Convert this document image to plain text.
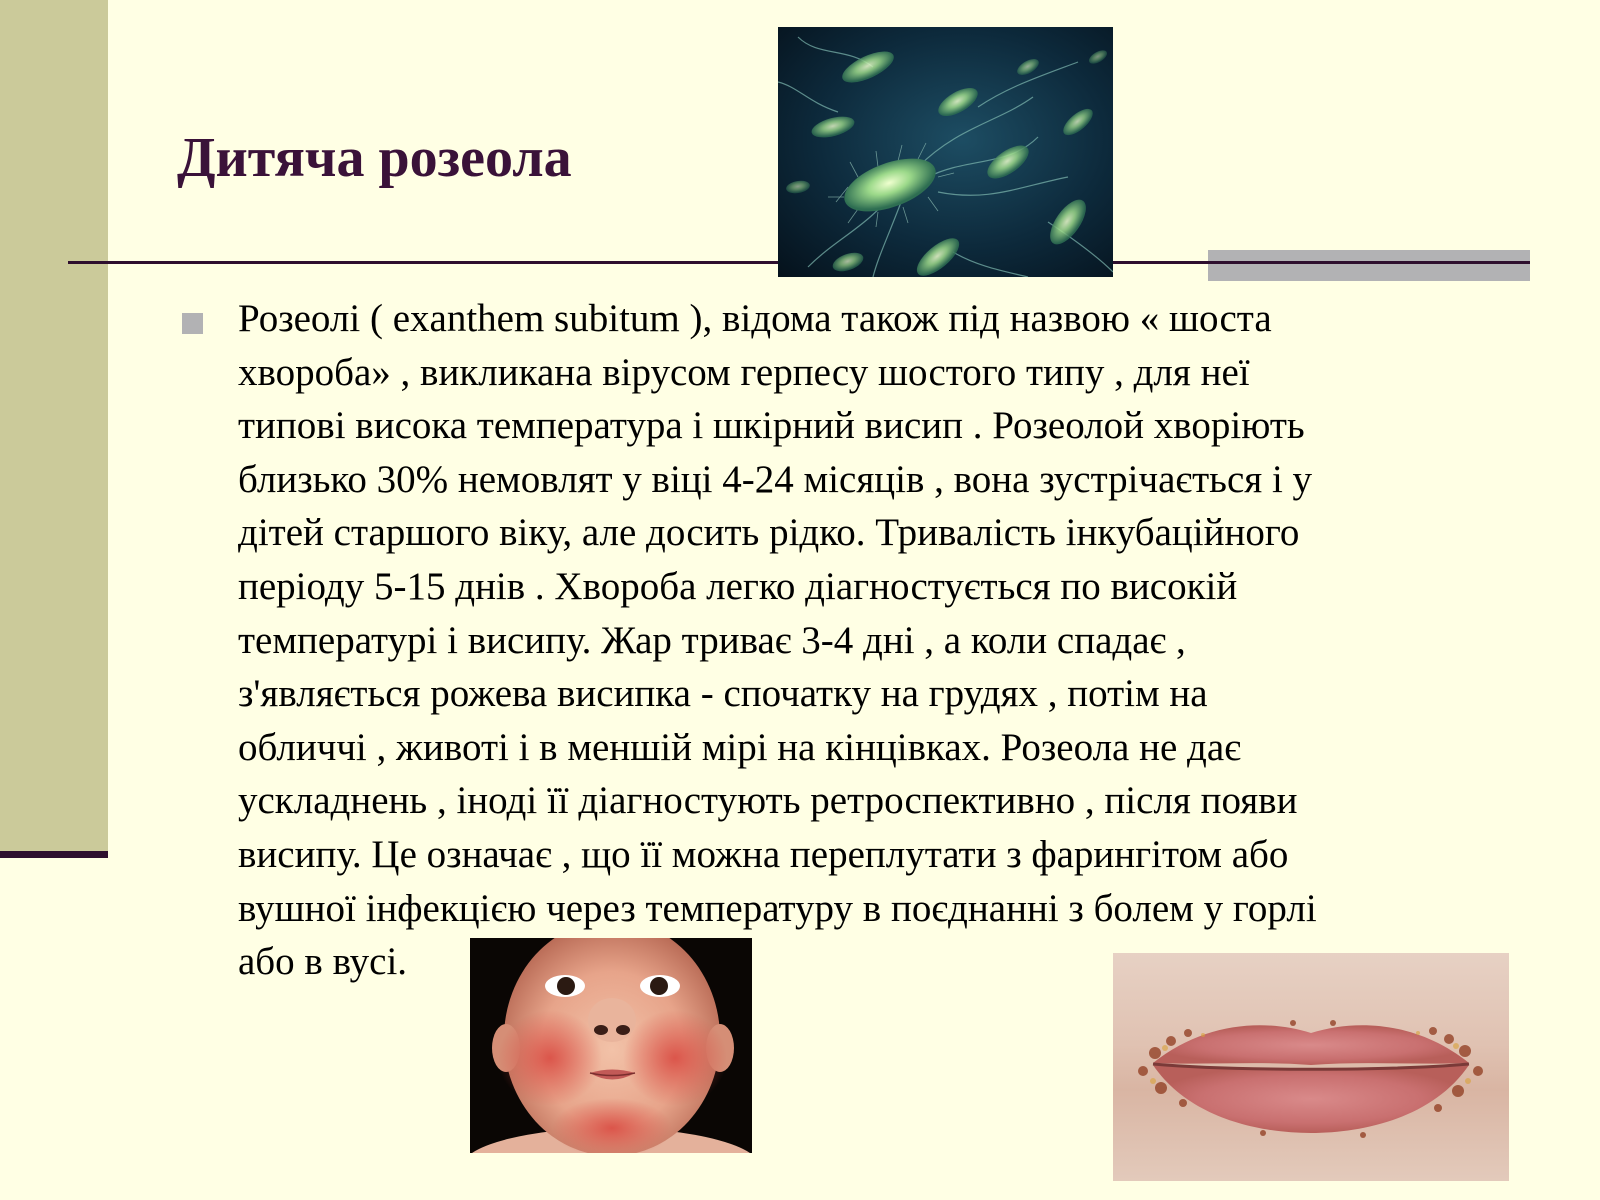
Дитяча розеола

Розеолі ( exanthem subitum ), відома також під назвою « шоста
хвороба» , викликана вірусом герпесу шостого типу , для неї
типові висока температура і шкірний висип . Розеолой хворіють
близько 30% немовлят у віці 4-24 місяців , вона зустрічається і у
дітей старшого віку, але досить рідко. Тривалість інкубаційного
періоду 5-15 днів . Хвороба легко діагностується по високій
температурі і висипу. Жар триває 3-4 дні , а коли спадає ,
з'являється рожева висипка - спочатку на грудях , потім на
обличчі , животі і в меншій мірі на кінцівках. Розеола не дає
ускладнень , іноді її діагностують ретроспективно , після появи
висипу. Це означає , що її можна переплутати з фарингітом або
вушної інфекцією через температуру в поєднанні з болем у горлі
або в вусі.
